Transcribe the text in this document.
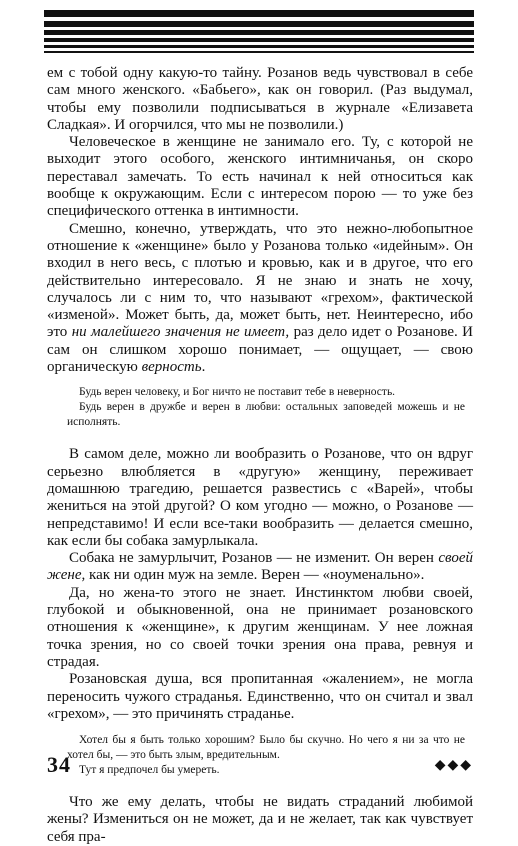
ем с тобой одну какую-то тайну. Розанов ведь чувствовал в себе сам много женского. «Бабьего», как он говорил. (Раз выдумал, чтобы ему позволили подписываться в журнале «Елизавета Сладкая». И огорчился, что мы не позволили.)

Человеческое в женщине не занимало его. Ту, с которой не выходит этого особого, женского интимничанья, он скоро переставал замечать. То есть начинал к ней относиться как вообще к окружающим. Если с интересом порою — то уже без специфического оттенка в интимности.

Смешно, конечно, утверждать, что это нежно-любопытное отношение к «женщине» было у Розанова только «идейным». Он входил в него весь, с плотью и кровью, как и в другое, что его действительно интересовало. Я не знаю и знать не хочу, случалось ли с ним то, что называют «грехом», фактической «изменой». Может быть, да, может быть, нет. Неинтересно, ибо это ни малейшего значения не имеет, раз дело идет о Розанове. И сам он слишком хорошо понимает, — ощущает, — свою органическую верность.

Будь верен человеку, и Бог ничто не поставит тебе в неверность.

Будь верен в дружбе и верен в любви: остальных заповедей можешь и не исполнять.

В самом деле, можно ли вообразить о Розанове, что он вдруг серьезно влюбляется в «другую» женщину, переживает домашнюю трагедию, решается развестись с «Варей», чтобы жениться на этой другой? О ком угодно — можно, о Розанове — непредставимо! И если все-таки вообразить — делается смешно, как если бы собака замурлыкала.

Собака не замурлычит, Розанов — не изменит. Он верен своей жене, как ни один муж на земле. Верен — «ноуменально».

Да, но жена-то этого не знает. Инстинктом любви своей, глубокой и обыкновенной, она не принимает розановского отношения к «женщине», к другим женщинам. У нее ложная точка зрения, но со своей точки зрения она права, ревнуя и страдая.

Розановская душа, вся пропитанная «жалением», не могла переносить чужого страданья. Единственно, что он считал и звал «грехом», — это причинять страданье.

Хотел бы я быть только хорошим? Было бы скучно. Но чего я ни за что не хотел бы, — это быть злым, вредительным.

Тут я предпочел бы умереть.

Что же ему делать, чтобы не видать страданий любимой жены? Измениться он не может, да и не желает, так как чувствует себя пра-

34	◆◆◆
